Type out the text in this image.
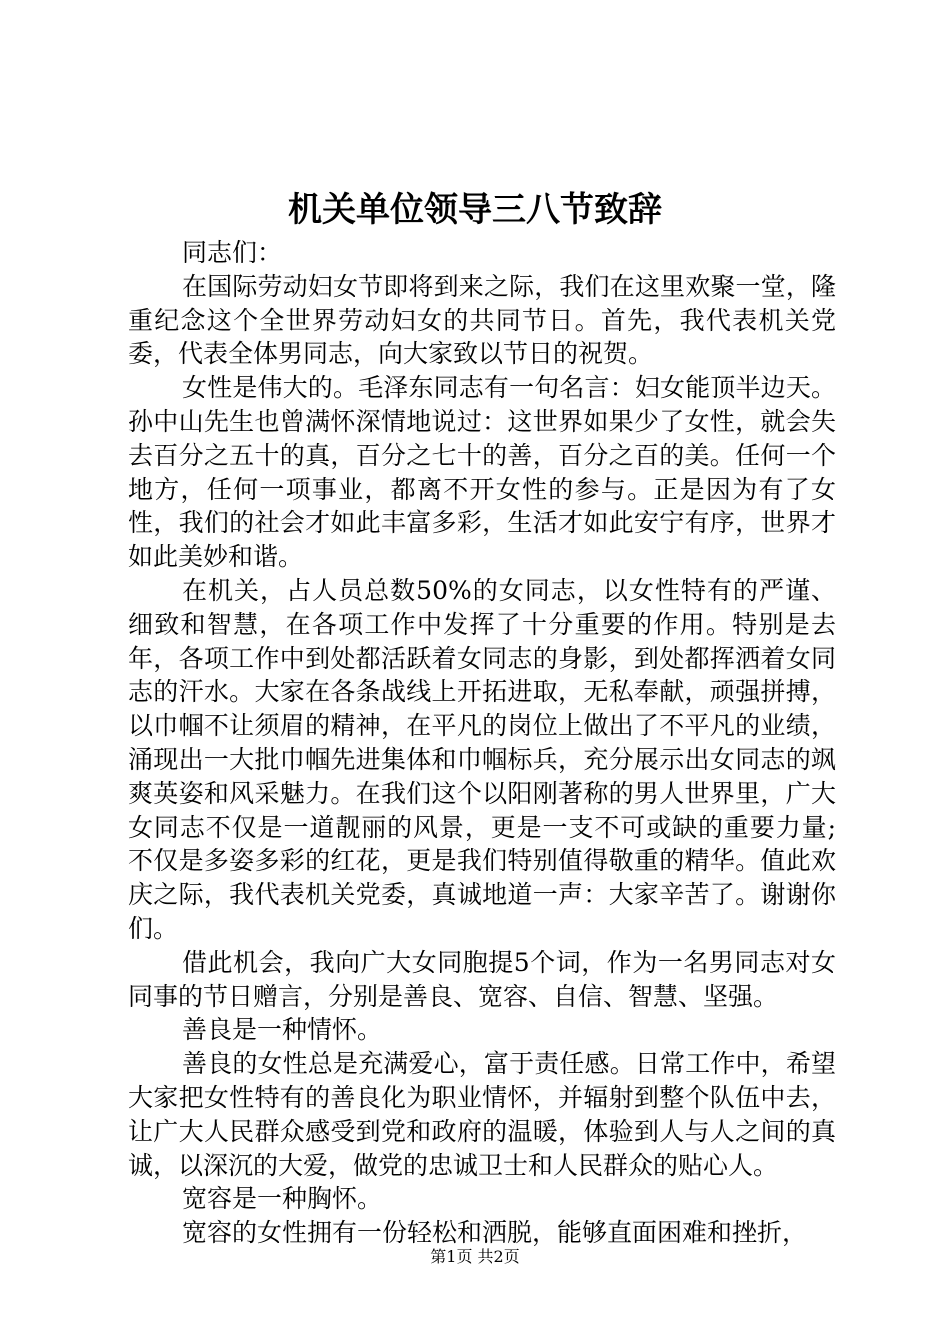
机关单位领导三八节致辞

同志们：

在国际劳动妇女节即将到来之际，我们在这里欢聚一堂，隆重纪念这个全世界劳动妇女的共同节日。首先，我代表机关党委，代表全体男同志，向大家致以节日的祝贺。

女性是伟大的。毛泽东同志有一句名言：妇女能顶半边天。孙中山先生也曾满怀深情地说过：这世界如果少了女性，就会失去百分之五十的真，百分之七十的善，百分之百的美。任何一个地方，任何一项事业，都离不开女性的参与。正是因为有了女性，我们的社会才如此丰富多彩，生活才如此安宁有序，世界才如此美妙和谐。

在机关，占人员总数50%的女同志，以女性特有的严谨、细致和智慧，在各项工作中发挥了十分重要的作用。特别是去年，各项工作中到处都活跃着女同志的身影，到处都挥洒着女同志的汗水。大家在各条战线上开拓进取，无私奉献，顽强拼搏，以巾帼不让须眉的精神，在平凡的岗位上做出了不平凡的业绩，涌现出一大批巾帼先进集体和巾帼标兵，充分展示出女同志的飒爽英姿和风采魅力。在我们这个以阳刚著称的男人世界里，广大女同志不仅是一道靓丽的风景，更是一支不可或缺的重要力量;不仅是多姿多彩的红花，更是我们特别值得敬重的精华。值此欢庆之际，我代表机关党委，真诚地道一声：大家辛苦了。谢谢你们。

借此机会，我向广大女同胞提5个词，作为一名男同志对女同事的节日赠言，分别是善良、宽容、自信、智慧、坚强。

善良是一种情怀。

善良的女性总是充满爱心，富于责任感。日常工作中，希望大家把女性特有的善良化为职业情怀，并辐射到整个队伍中去，让广大人民群众感受到党和政府的温暖，体验到人与人之间的真诚，以深沉的大爱，做党的忠诚卫士和人民群众的贴心人。

宽容是一种胸怀。

宽容的女性拥有一份轻松和洒脱，能够直面困难和挫折，

第1页 共2页
